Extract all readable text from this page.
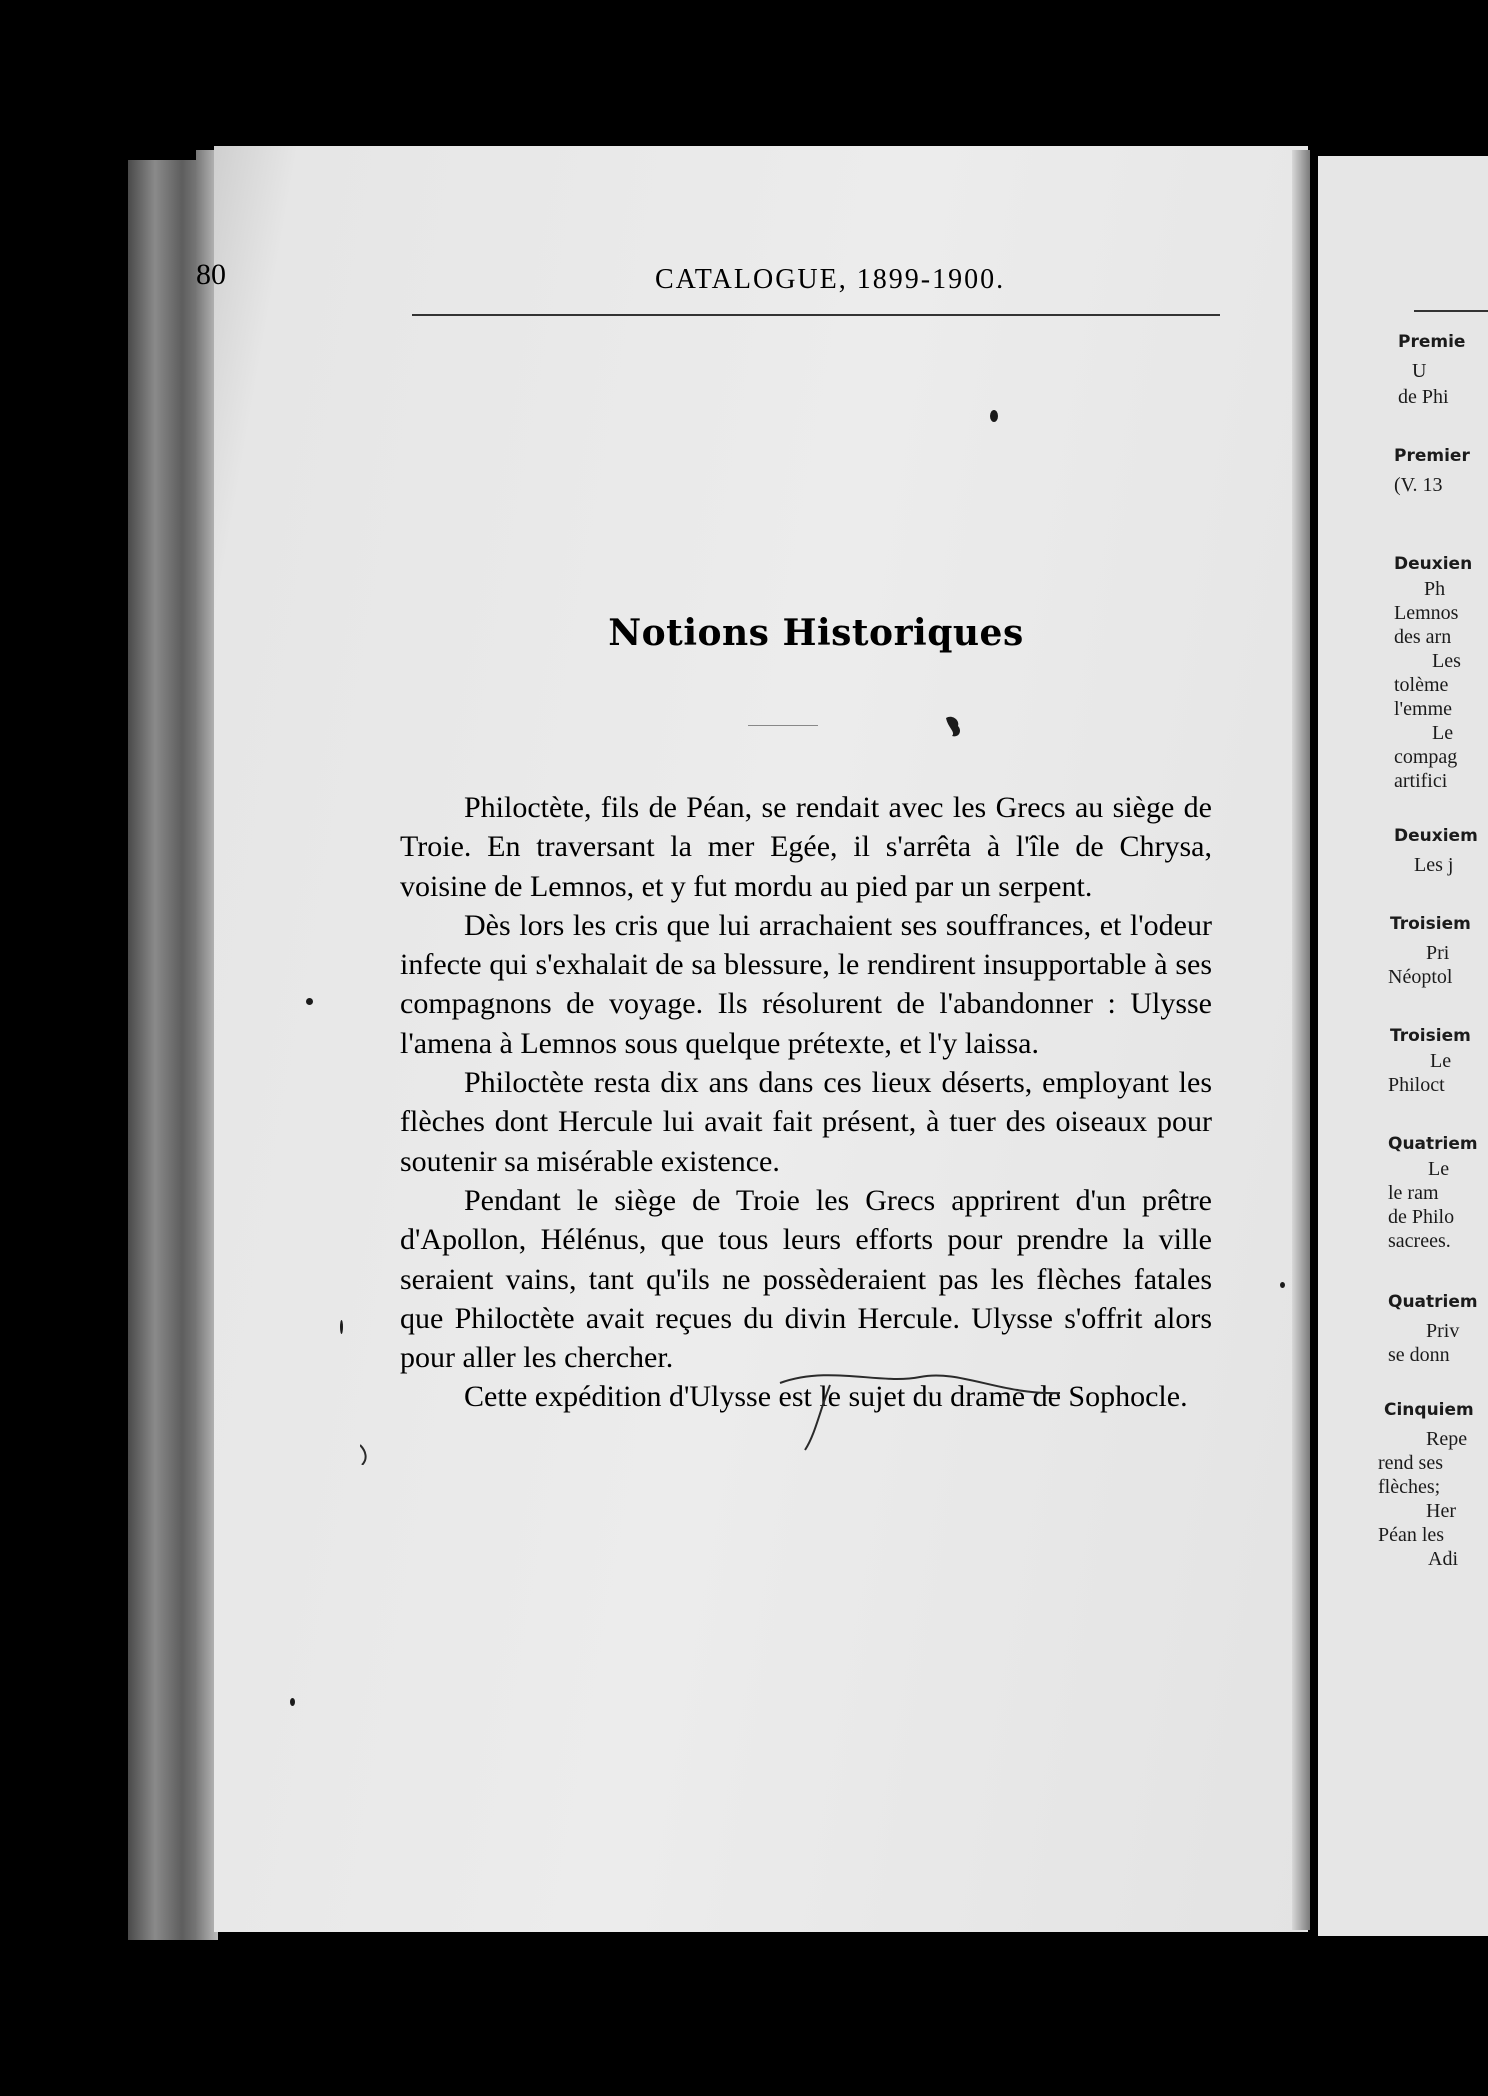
Premie
U
de Phi
Premier
(V. 13
Deuxien
Ph
Lemnos
des arn
Les
tolème
l'emme
Le
compag
artifici
Deuxiem
Les j
Troisiem
Pri
Néoptol
Troisiem
Le
Philoct
Quatriem
Le
le ram
de Philo
sacrees.
Quatriem
Priv
se donn
Cinquiem
Repe
rend ses
flèches;
Her
Péan les
Adi
80	CATALOGUE, 1899-1900.
Notions Historiques

Philoctète, fils de Péan, se rendait avec les Grecs au siège de Troie. En traversant la mer Egée, il s'arrêta à l'île de Chrysa, voisine de Lemnos, et y fut mordu au pied par un serpent.

Dès lors les cris que lui arrachaient ses souffrances, et l'odeur infecte qui s'exhalait de sa blessure, le rendirent insupportable à ses compagnons de voyage. Ils résolurent de l'abandonner : Ulysse l'amena à Lemnos sous quelque prétexte, et l'y laissa.

Philoctète resta dix ans dans ces lieux déserts, employant les flèches dont Hercule lui avait fait présent, à tuer des oiseaux pour soutenir sa misérable existence.

Pendant le siège de Troie les Grecs apprirent d'un prêtre d'Apollon, Hélénus, que tous leurs efforts pour prendre la ville seraient vains, tant qu'ils ne possèderaient pas les flèches fatales que Philoctète avait reçues du divin Hercule. Ulysse s'offrit alors pour aller les chercher.

Cette expédition d'Ulysse est le sujet du drame de Sophocle.
